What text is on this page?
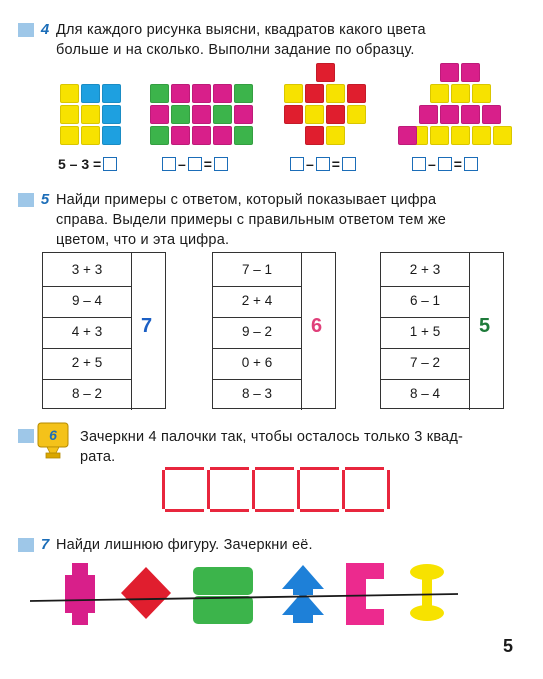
4 Для каждого рисунка выясни, квадратов какого цвета
больше и на сколько. Выполни задание по образцу.
5 – 3 =	– =	– =	– =
5 Найди примеры с ответом, который показывает цифра
справа. Выдели примеры с правильным ответом тем же
цветом, что и эта цифра.
3 + 3
9 – 4
4 + 3
2 + 5
8 – 2
7
7 – 1
2 + 4
9 – 2
0 + 6
8 – 3
6
2 + 3
6 – 1
1 + 5
7 – 2
8 – 4
5
6 Зачеркни 4 палочки так, чтобы осталось только 3 квад-
рата.
7 Найди лишнюю фигуру. Зачеркни её.
5
